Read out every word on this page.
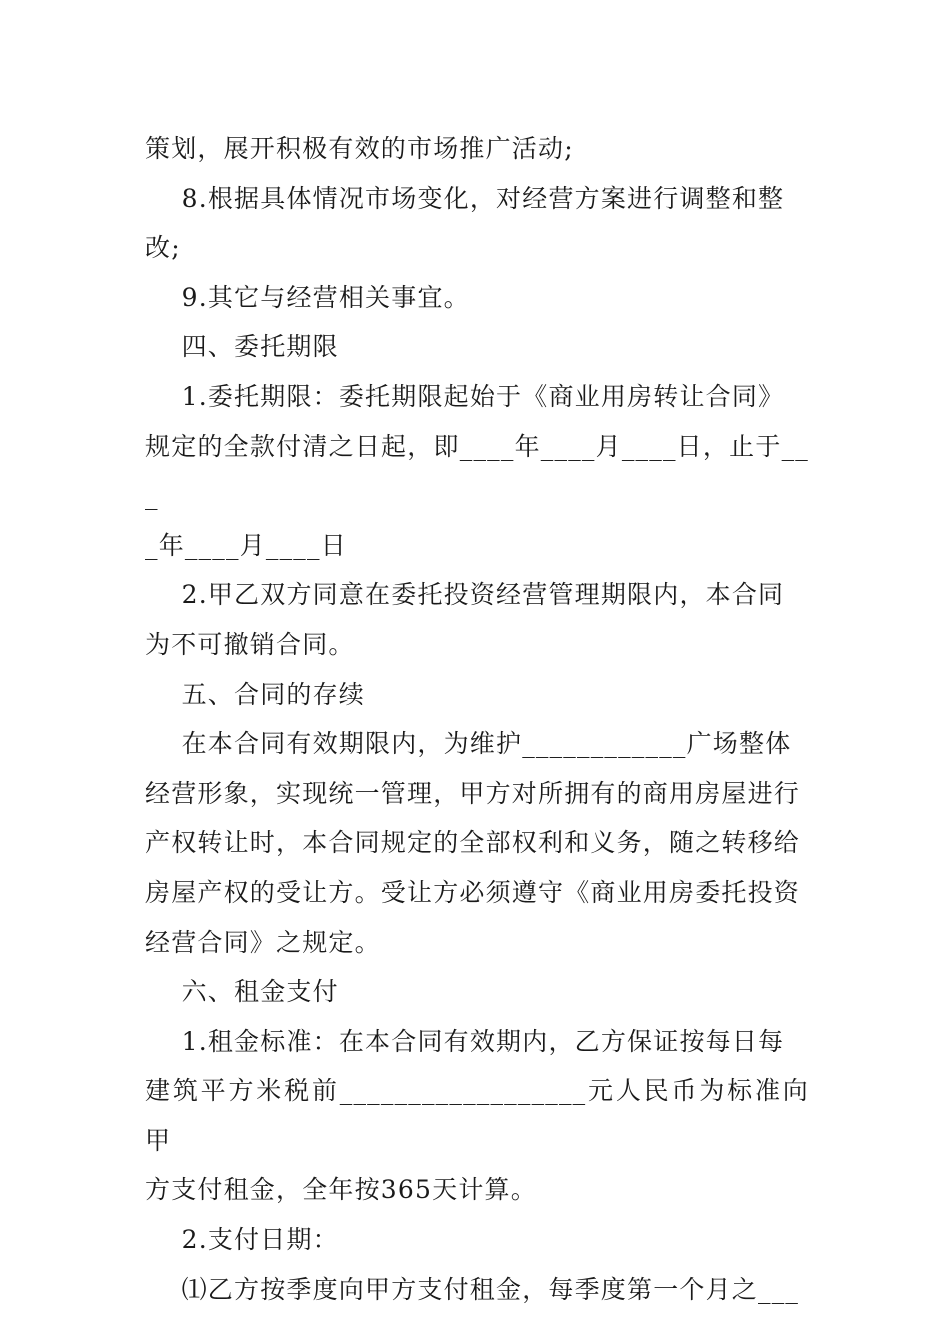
策划，展开积极有效的市场推广活动;

8.根据具体情况市场变化，对经营方案进行调整和整

改;

9.其它与经营相关事宜。

四、委托期限

1.委托期限：委托期限起始于《商业用房转让合同》

规定的全款付清之日起，即____年____月____日，止于___

_年____月____日

2.甲乙双方同意在委托投资经营管理期限内，本合同

为不可撤销合同。

五、合同的存续

在本合同有效期限内，为维护____________广场整体

经营形象，实现统一管理，甲方对所拥有的商用房屋进行

产权转让时，本合同规定的全部权利和义务，随之转移给

房屋产权的受让方。受让方必须遵守《商业用房委托投资

经营合同》之规定。

六、租金支付

1.租金标准：在本合同有效期内，乙方保证按每日每

建筑平方米税前__________________元人民币为标准向甲

方支付租金，全年按365天计算。

2.支付日期：

⑴乙方按季度向甲方支付租金，每季度第一个月之___
